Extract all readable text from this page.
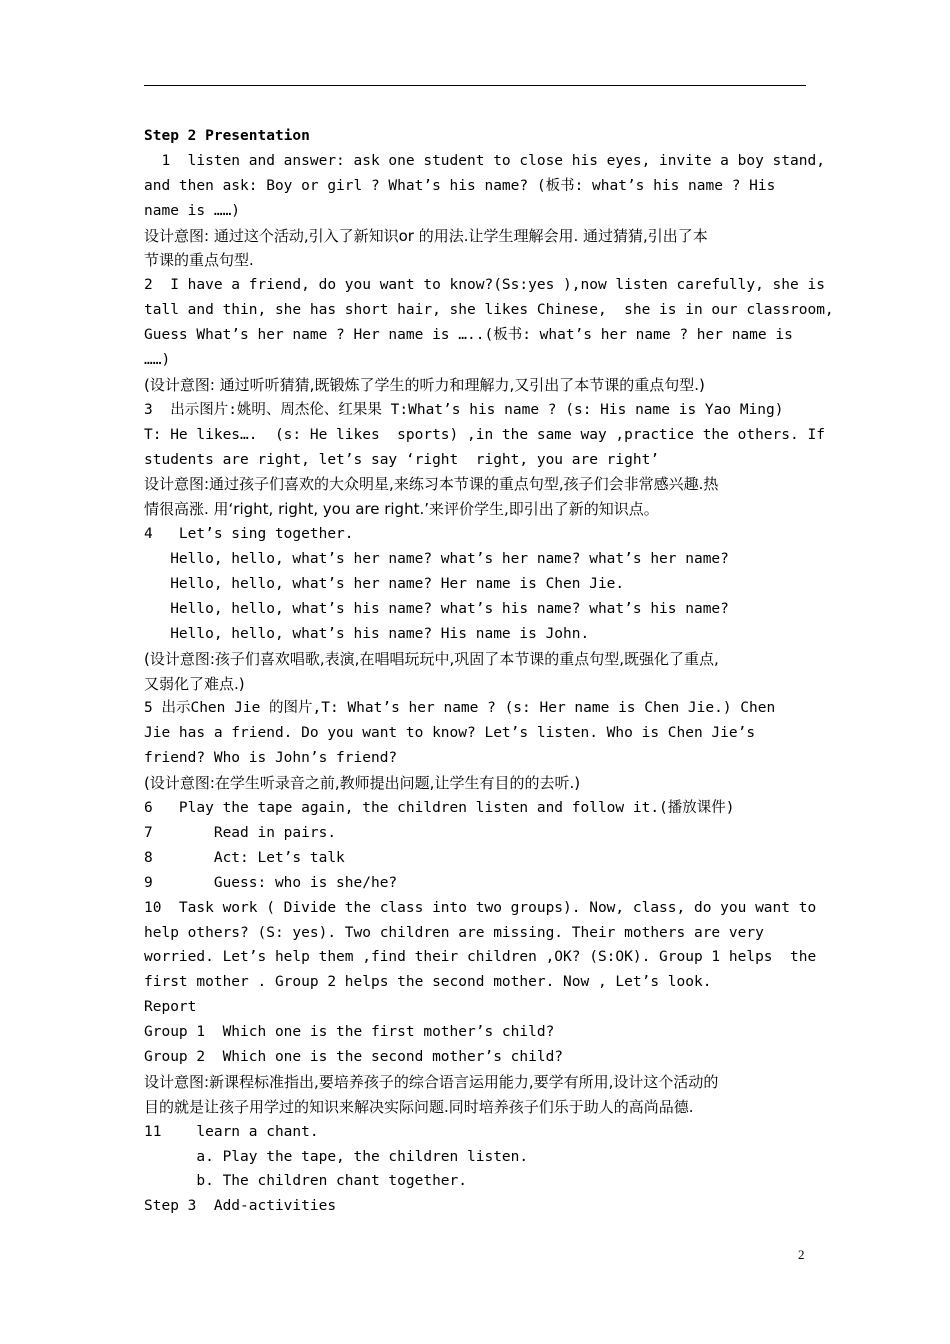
Step 2 Presentation
1  listen and answer: ask one student to close his eyes, invite a boy stand,
and then ask: Boy or girl ? What’s his name? (板书: what’s his name ? His
name is ……)
设计意图: 通过这个活动,引入了新知识or 的用法.让学生理解会用. 通过猜猜,引出了本
节课的重点句型.
2  I have a friend, do you want to know?(Ss:yes ),now listen carefully, she is
tall and thin, she has short hair, she likes Chinese,  she is in our classroom,
Guess What’s her name ? Her name is …..(板书: what’s her name ? her name is
……)
(设计意图: 通过听听猜猜,既锻炼了学生的听力和理解力,又引出了本节课的重点句型.)
3  出示图片:姚明、周杰伦、红果果 T:What’s his name ? (s: His name is Yao Ming)
T: He likes….  (s: He likes  sports) ,in the same way ,practice the others. If
students are right, let’s say ‘right  right, you are right’
设计意图:通过孩子们喜欢的大众明星,来练习本节课的重点句型,孩子们会非常感兴趣.热
情很高涨. 用‘right, right, you are right.’来评价学生,即引出了新的知识点。
4   Let’s sing together.
Hello, hello, what’s her name? what’s her name? what’s her name?
Hello, hello, what’s her name? Her name is Chen Jie.
Hello, hello, what’s his name? what’s his name? what’s his name?
Hello, hello, what’s his name? His name is John.
(设计意图:孩子们喜欢唱歌,表演,在唱唱玩玩中,巩固了本节课的重点句型,既强化了重点,
又弱化了难点.)
5 出示Chen Jie 的图片,T: What’s her name ? (s: Her name is Chen Jie.) Chen
Jie has a friend. Do you want to know? Let’s listen. Who is Chen Jie’s
friend? Who is John’s friend?
(设计意图:在学生听录音之前,教师提出问题,让学生有目的的去听.)
6   Play the tape again, the children listen and follow it.(播放课件)
7       Read in pairs.
8       Act: Let’s talk
9       Guess: who is she/he?
10  Task work ( Divide the class into two groups). Now, class, do you want to
help others? (S: yes). Two children are missing. Their mothers are very
worried. Let’s help them ,find their children ,OK? (S:OK). Group 1 helps  the
first mother . Group 2 helps the second mother. Now , Let’s look.
Report
Group 1  Which one is the first mother’s child?
Group 2  Which one is the second mother’s child?
设计意图:新课程标准指出,要培养孩子的综合语言运用能力,要学有所用,设计这个活动的
目的就是让孩子用学过的知识来解决实际问题.同时培养孩子们乐于助人的高尚品德.
11    learn a chant.
a. Play the tape, the children listen.
b. The children chant together.
Step 3  Add-activities
2
